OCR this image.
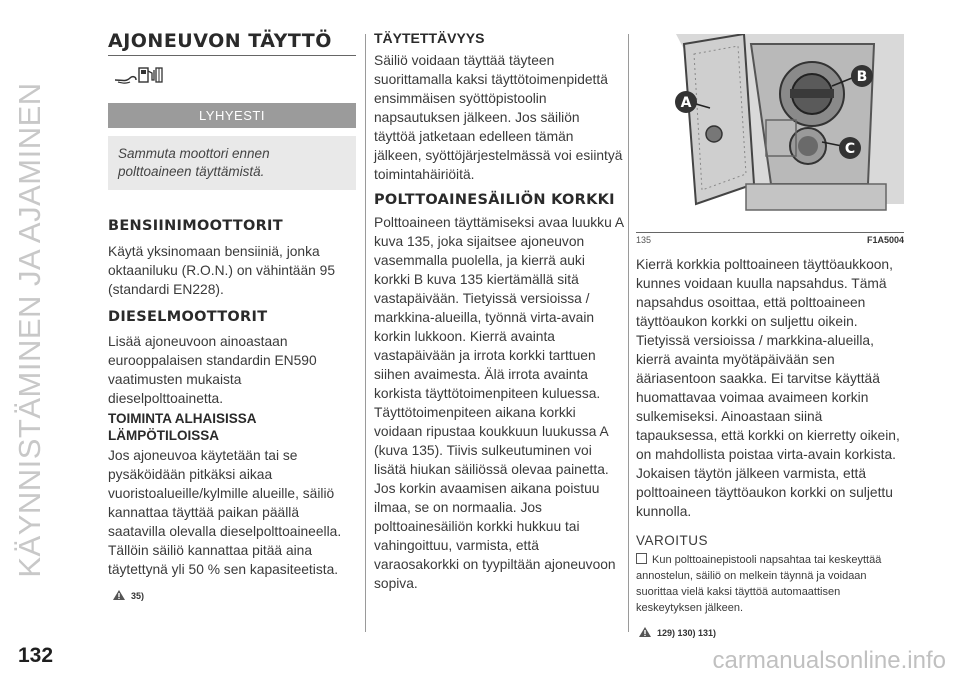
KÄYNNISTÄMINEN JA AJAMINEN
132	carmanualsonline.info
AJONEUVON TÄYTTÖ
LYHYESTI
Sammuta moottori ennen polttoaineen täyttämistä.
BENSIINIMOOTTORIT

Käytä yksinomaan bensiiniä, jonka oktaaniluku (R.O.N.) on vähintään 95 (standardi EN228).

DIESELMOOTTORIT

Lisää ajoneuvoon ainoastaan eurooppalaisen standardin EN590 vaatimusten mukaista dieselpolttoainetta.

TOIMINTA ALHAISISSA LÄMPÖTILOISSA

Jos ajoneuvoa käytetään tai se pysäköidään pitkäksi aikaa vuoristoalueille/kylmille alueille, säiliö kannattaa täyttää paikan päällä saatavilla olevalla dieselpolttoaineella. Tällöin säiliö kannattaa pitää aina täytettynä yli 50 % sen kapasiteetista.

35)
TÄYTETTÄVYYS

Säiliö voidaan täyttää täyteen suorittamalla kaksi täyttötoimenpidettä ensimmäisen syöttöpistoolin napsautuksen jälkeen. Jos säiliön täyttöä jatketaan edelleen tämän jälkeen, syöttöjärjestelmässä voi esiintyä toimintahäiriöitä.

POLTTOAINESÄILIÖN KORKKI

Polttoaineen täyttämiseksi avaa luukku A kuva 135, joka sijaitsee ajoneuvon vasemmalla puolella, ja kierrä auki korkki B kuva 135 kiertämällä sitä vastapäivään. Tietyissä versioissa / markkina-alueilla, työnnä virta-avain korkin lukkoon. Kierrä avainta vastapäivään ja irrota korkki tarttuen siihen avaimesta. Älä irrota avainta korkista täyttötoimenpiteen kuluessa. Täyttötoimenpiteen aikana korkki voidaan ripustaa koukkuun luukussa A (kuva 135). Tiivis sulkeutuminen voi lisätä hiukan säiliössä olevaa painetta. Jos korkin avaamisen aikana poistuu ilmaa, se on normaalia. Jos polttoainesäiliön korkki hukkuu tai vahingoittuu, varmista, että varaosakorkki on tyypiltään ajoneuvoon sopiva.

A
B
C
135	F1A5004

Kierrä korkkia polttoaineen täyttöaukkoon, kunnes voidaan kuulla napsahdus. Tämä napsahdus osoittaa, että polttoaineen täyttöaukon korkki on suljettu oikein. Tietyissä versioissa / markkina-alueilla, kierrä avainta myötäpäivään sen ääriasentoon saakka. Ei tarvitse käyttää huomattavaa voimaa avaimeen korkin sulkemiseksi. Ainoastaan siinä tapauksessa, että korkki on kierretty oikein, on mahdollista poistaa virta-avain korkista. Jokaisen täytön jälkeen varmista, että polttoaineen täyttöaukon korkki on suljettu kunnolla.

VAROITUS
Kun polttoainepistooli napsahtaa tai keskeyttää annostelun, säiliö on melkein täynnä ja voidaan suorittaa vielä kaksi täyttöä automaattisen keskeytyksen jälkeen.
129) 130) 131)
